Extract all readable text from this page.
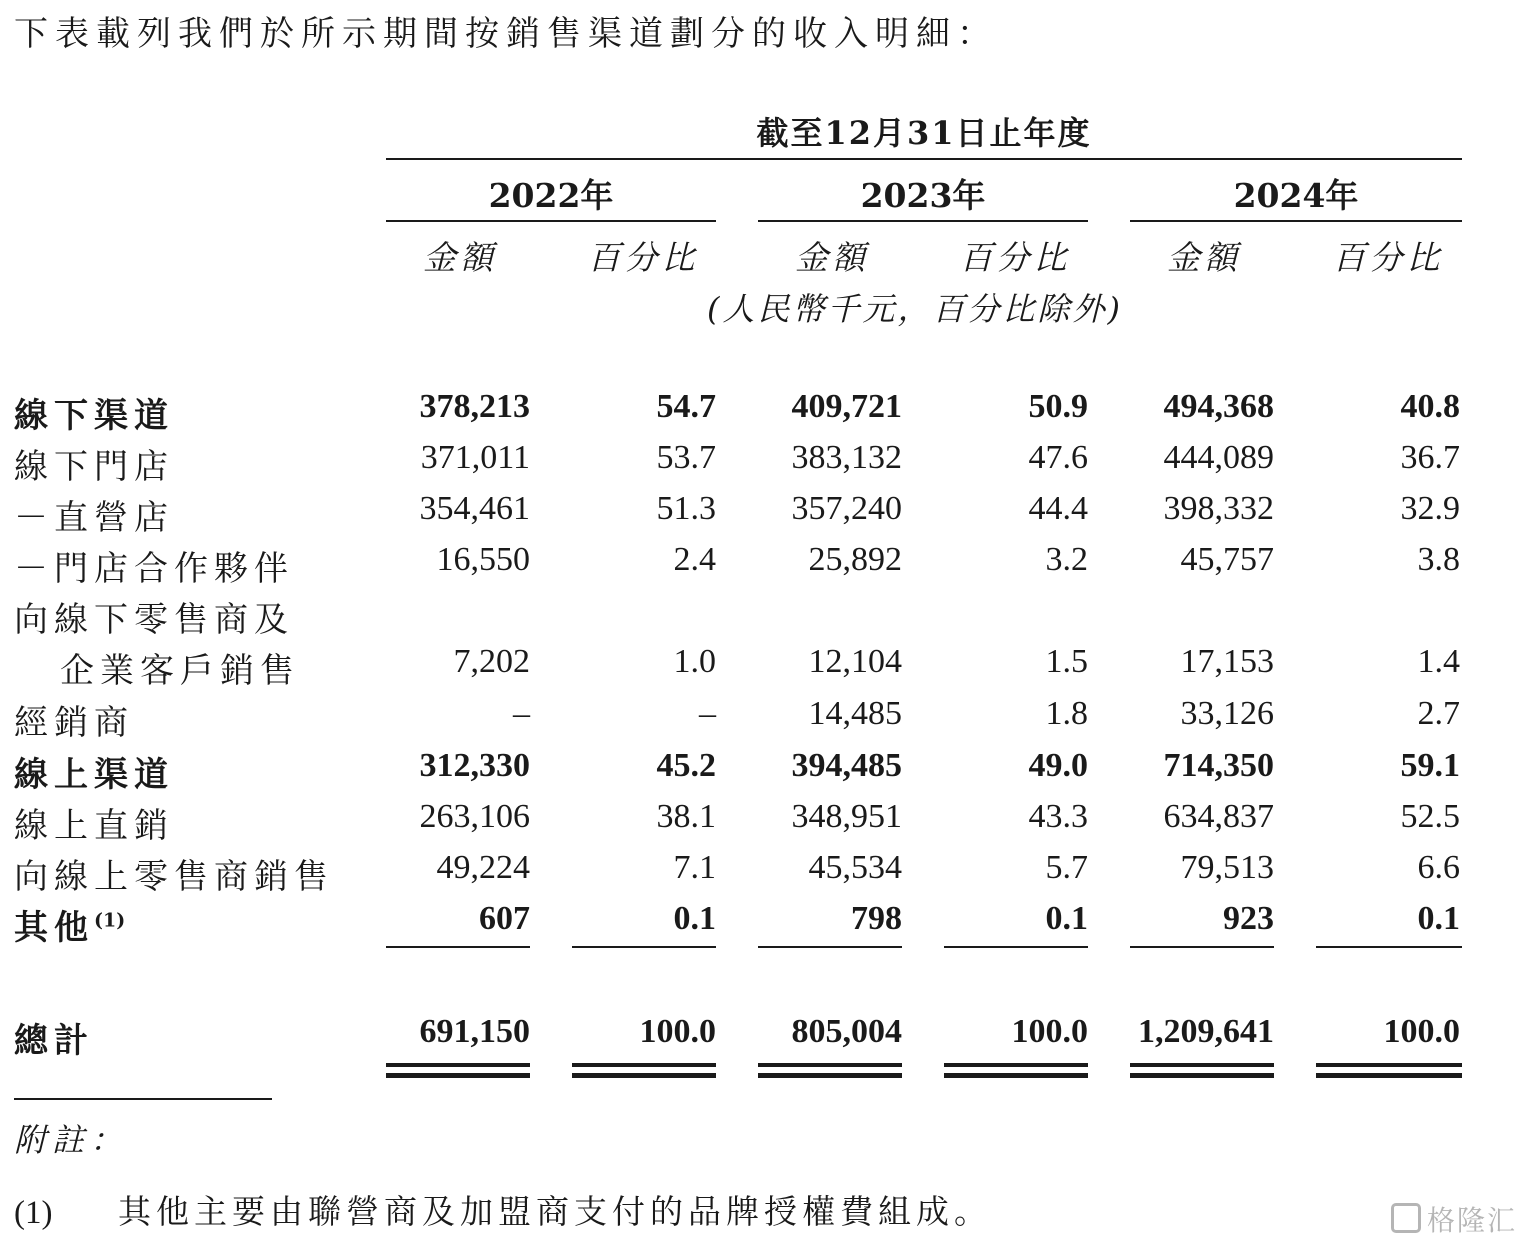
下表載列我們於所示期間按銷售渠道劃分的收入明細：
截至12月31日止年度
2022年	2023年	2024年
金額	百分比	金額	百分比	金額	百分比
(人民幣千元，百分比除外)
線下渠道	378,213	54.7	409,721	50.9	494,368	40.8
線下門店	371,011	53.7	383,132	47.6	444,089	36.7
－直營店	354,461	51.3	357,240	44.4	398,332	32.9
－門店合作夥伴	16,550	2.4	25,892	3.2	45,757	3.8
向線下零售商及
企業客戶銷售	7,202	1.0	12,104	1.5	17,153	1.4
經銷商	–	–	14,485	1.8	33,126	2.7
線上渠道	312,330	45.2	394,485	49.0	714,350	59.1
線上直銷	263,106	38.1	348,951	43.3	634,837	52.5
向線上零售商銷售	49,224	7.1	45,534	5.7	79,513	6.6
其他$^{(1)}$	607	0.1	798	0.1	923	0.1
總計	691,150	100.0	805,004	100.0	1,209,641	100.0
附註：
(1) 其他主要由聯營商及加盟商支付的品牌授權費組成。	格隆汇
